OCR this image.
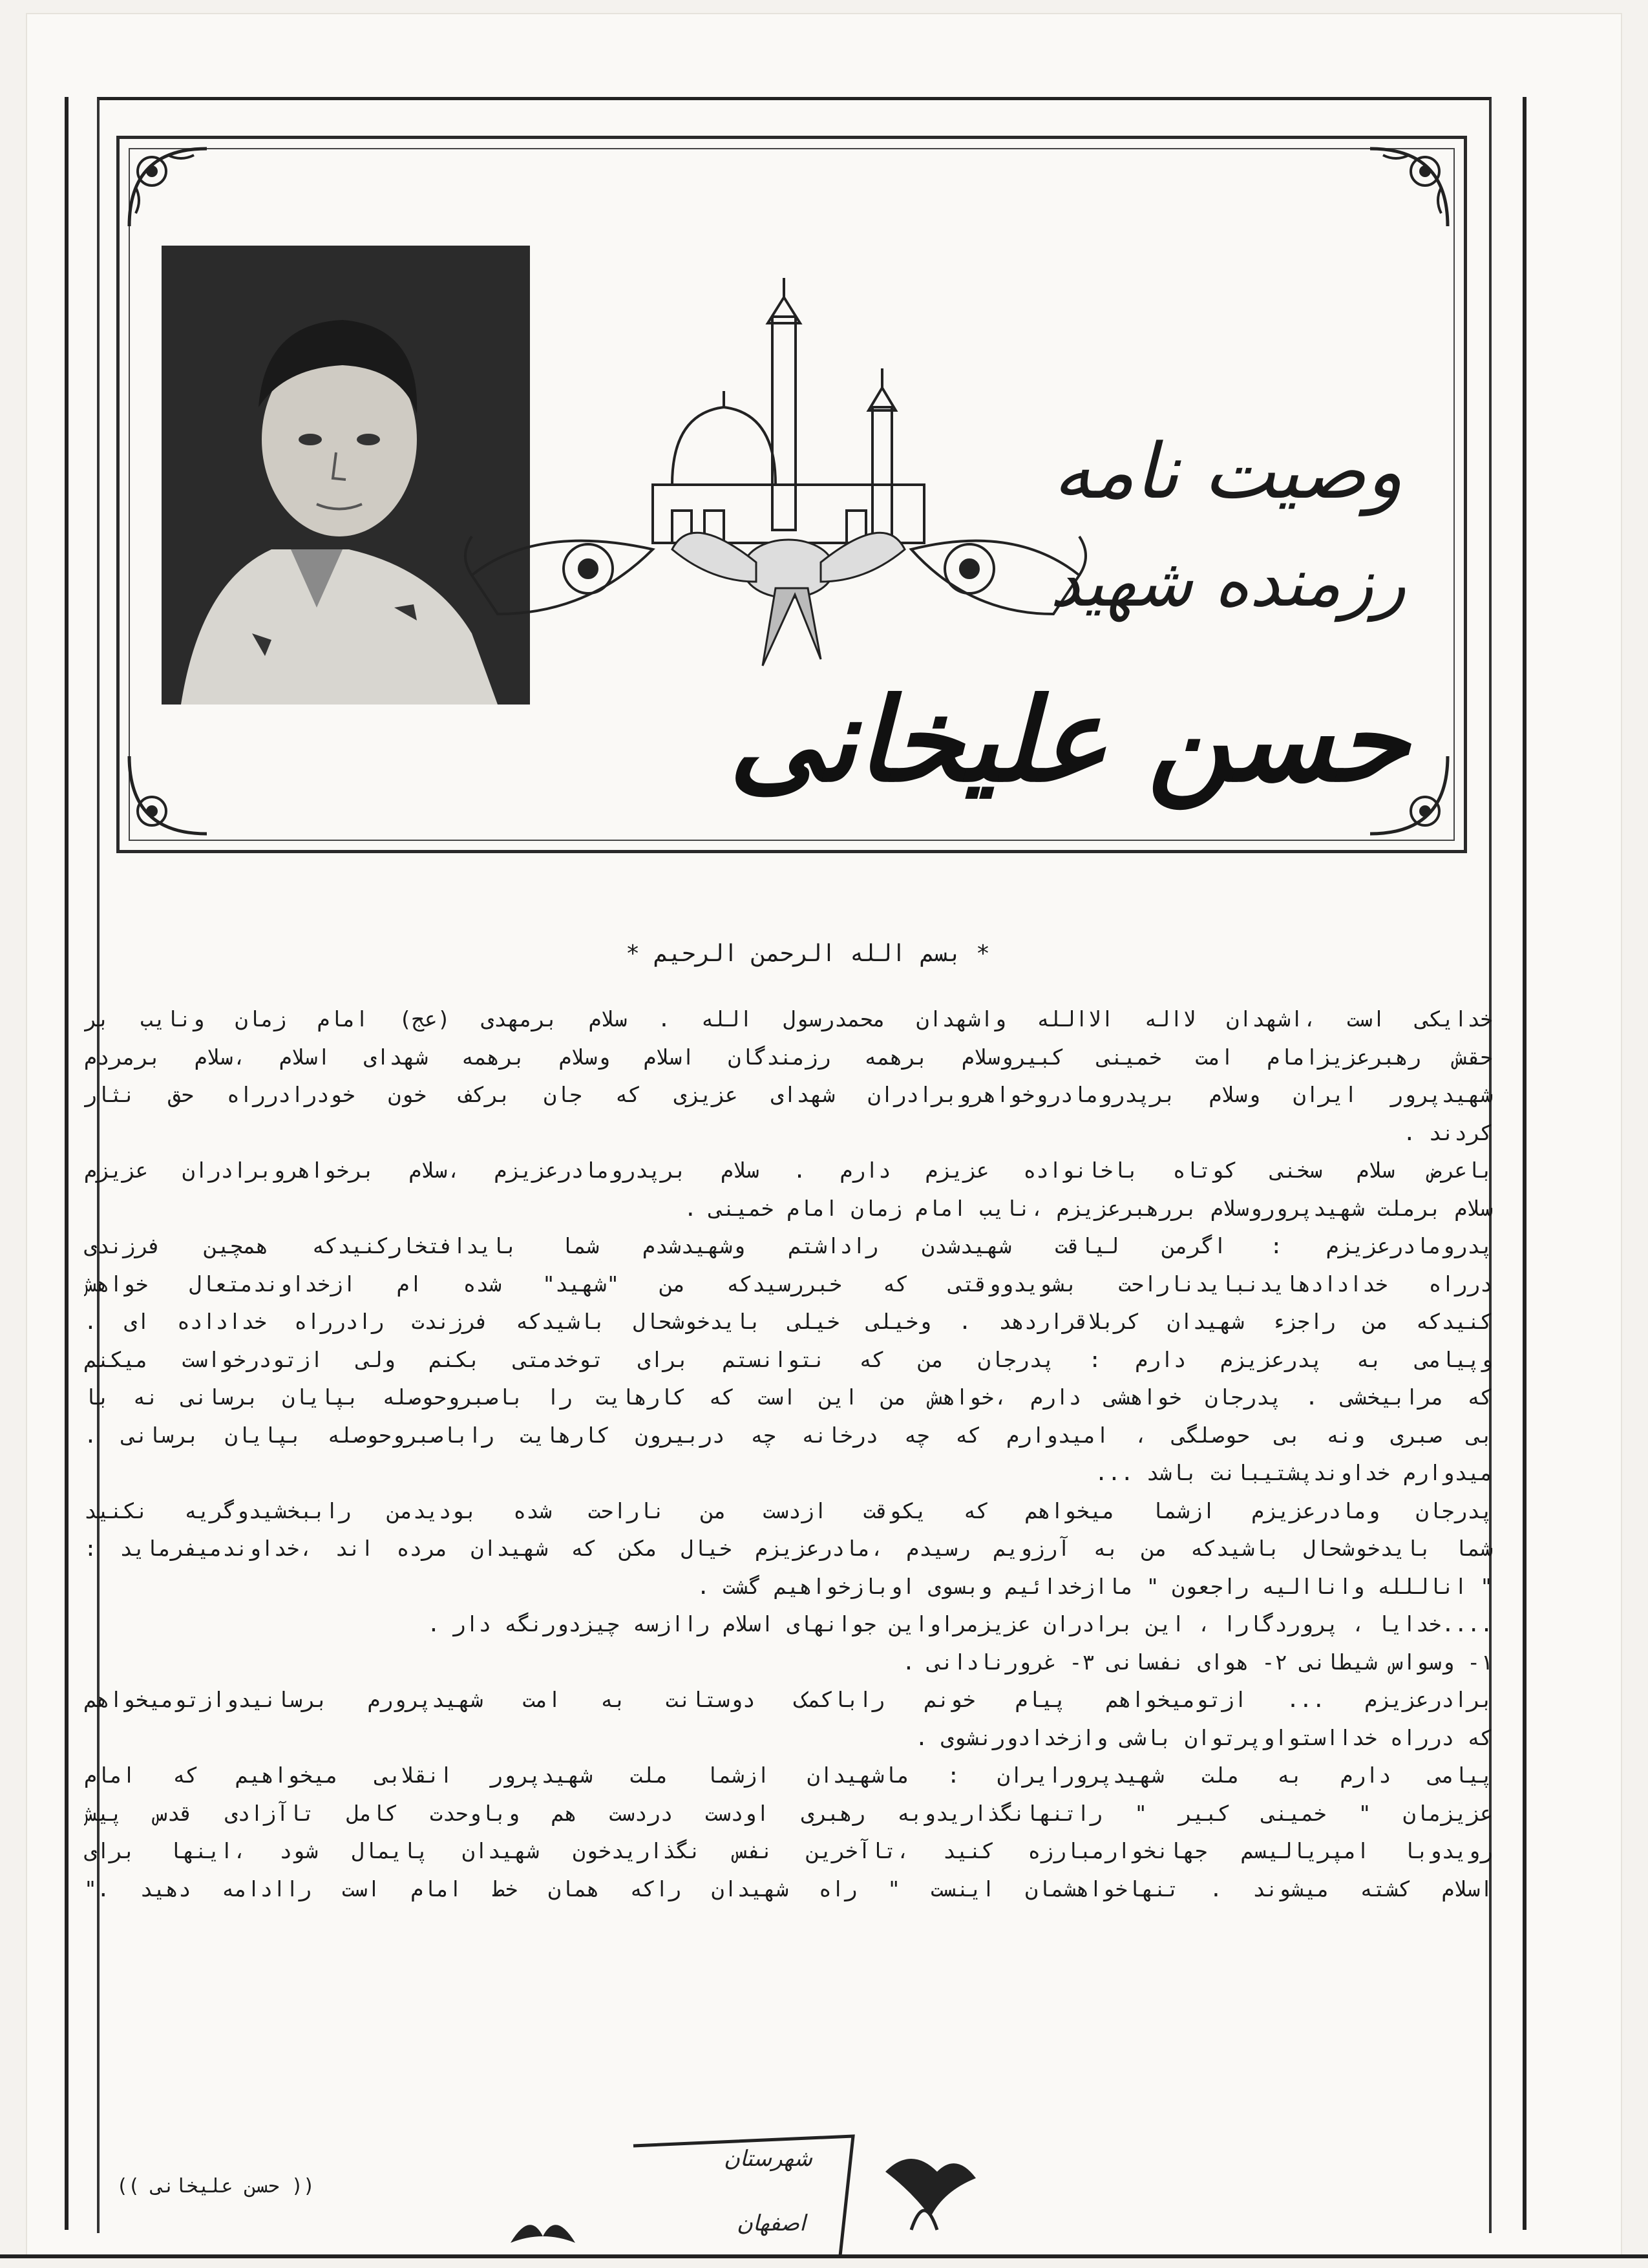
وصیت نامه
رزمنده شهید
حسن علیخانی
* بسم الله الرحمن الرحیم *

خدایکی است ،اشهدان لااله الاالله واشهدان محمدرسول الله . سلام برمهدی (عج) امام زمان ونایب بر

حقش رهبرعزیزامام امت خمینی کبیروسلام برهمه رزمندگان اسلام وسلام برهمه شهدای اسلام ،سلام برمردم

شهیدپرور ایران وسلام برپدرومادروخواهروبرادران شهدای عزیزی که جان برکف خون خودرادرراه حق نثار

کردند .

باعرض سلام سخنی کوتاه باخانواده عزیزم دارم . سلام برپدرومادرعزیزم ،سلام برخواهروبرادران عزیزم

سلام برملت شهیدپروروسلام بررهبرعزیزم ،نایب امام زمان امام خمینی .

پدرومادرعزیزم : اگرمن لیاقت شهیدشدن راداشتم وشهیدشدم شما بایدافتخارکنیدکه همچین فرزندی

درراه خدادادهایدنبایدناراحت بشویدووقتی که خبررسیدکه من "شهید" شده ام ازخداوندمتعال خواهش

کنیدکه من راجزء شهیدان کربلاقراردهد . وخیلی خیلی بایدخوشحال باشیدکه فرزندت رادرراه خداداده ای .

وپیامی به پدرعزیزم دارم : پدرجان من که نتوانستم برای توخدمتی بکنم ولی ازتودرخواست میکنم

که مرابیخشی . پدرجان خواهشی دارم ،خواهش من این است که کارهایت را باصبروحوصله بپایان برسانی نه با

بی صبری ونه بی حوصلگی ، امیدوارم که چه درخانه چه دربیرون کارهایت راباصبروحوصله بپایان برسانی .

میدوارم خداوندپشتیبانت باشد ...

پدرجان ومادرعزیزم ازشما میخواهم که یکوقت ازدست من ناراحت شده بودیدمن راببخشیدوگریه نکنید

شما بایدخوشحال باشیدکه من به آرزویم رسیدم ،مادرعزیزم خیال مکن که شهیدان مرده اند ،خداوندمیفرماید :

" اناللله واناالیه راجعون " ماازخدائیم وبسوی اوبازخواهیم گشت .

....خدایا ، پروردگارا ، این برادران عزیزمراواین جوانهای اسلام راازسه چیزدورنگه دار .

۱- وسواس شیطانی ۲- هوای نفسانی ۳- غرورنادانی .

برادرعزیزم ... ازتومیخواهم پیام خونم راباکمک دوستانت به امت شهیدپرورم برسانیدوازتومیخواهم

که درراه خدااستواوپرتوان باشی وازخدادورنشوی .

پیامی دارم به ملت شهیدپرورایران : ماشهیدان ازشما ملت شهیدپرور انقلابی میخواهیم که امام

عزیزمان " خمینی کبیر " راتنهانگذاریدوبه رهبری اودست دردست هم وباوحدت کامل تاآزادی قدس پیش

رویدوبا امپریالیسم جهانخوارمبارزه کنید ،تاآخرین نفس نگذاریدخون شهیدان پایمال شود ،اینها برای

اسلام کشته میشوند . تنهاخواهشمان اینست " راه شهیدان راکه همان خط امام است راادامه دهید ."

شهرستان
اصفهان
(( حسن علیخانی ))
